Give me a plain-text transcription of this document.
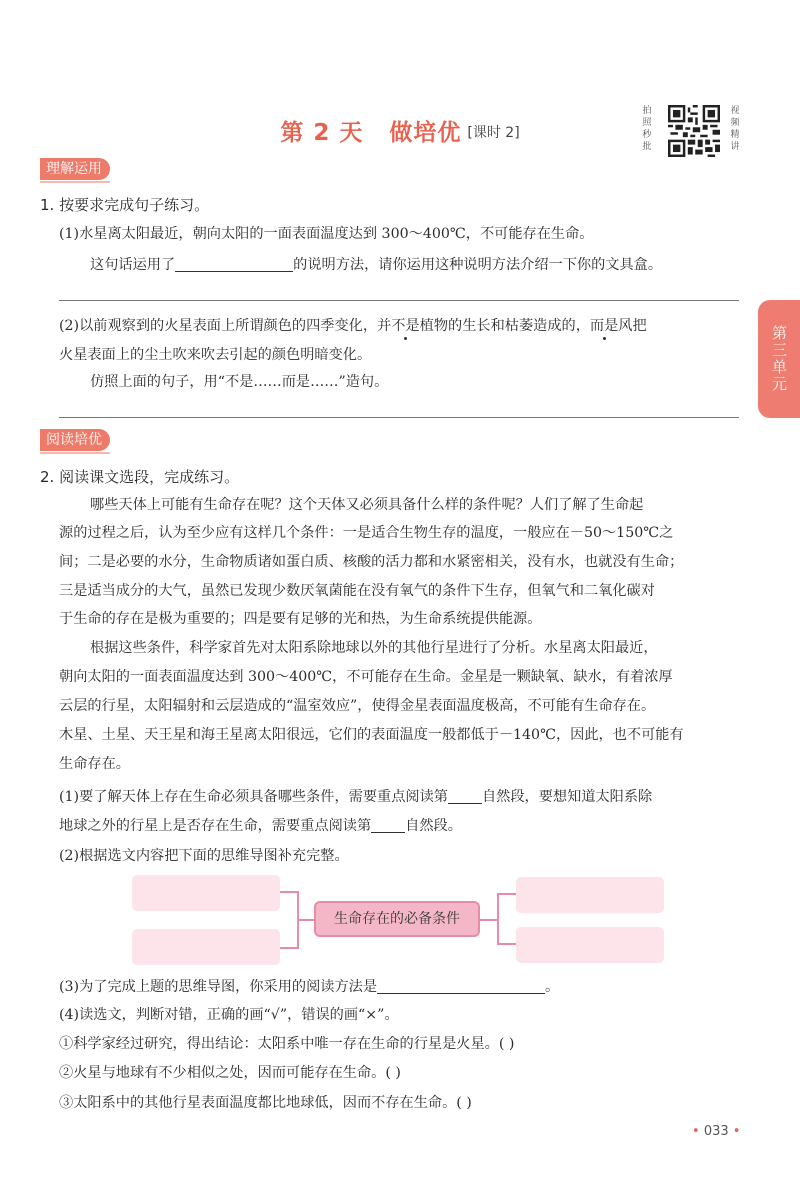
第 2 天 做培优 [课时 2]
拍照秒批
视频精讲
第三单元
理解运用
1. 按要求完成句子练习。
(1)水星离太阳最近，朝向太阳的一面表面温度达到 300～400℃，不可能存在生命。
这句话运用了	的说明方法，请你运用这种说明方法介绍一下你的文具盒。
(2)以前观察到的火星表面上所谓颜色的四季变化，并不是植物的生长和枯萎造成的，而是风把
火星表面上的尘土吹来吹去引起的颜色明暗变化。
仿照上面的句子，用“不是……而是……”造句。
阅读培优
2. 阅读课文选段，完成练习。
哪些天体上可能有生命存在呢？这个天体又必须具备什么样的条件呢？人们了解了生命起
源的过程之后，认为至少应有这样几个条件：一是适合生物生存的温度，一般应在－50～150℃之
间；二是必要的水分，生命物质诸如蛋白质、核酸的活力都和水紧密相关，没有水，也就没有生命；
三是适当成分的大气，虽然已发现少数厌氧菌能在没有氧气的条件下生存，但氧气和二氧化碳对
于生命的存在是极为重要的；四是要有足够的光和热，为生命系统提供能源。
根据这些条件，科学家首先对太阳系除地球以外的其他行星进行了分析。水星离太阳最近，
朝向太阳的一面表面温度达到 300～400℃，不可能存在生命。金星是一颗缺氧、缺水，有着浓厚
云层的行星，太阳辐射和云层造成的“温室效应”，使得金星表面温度极高，不可能有生命存在。
木星、土星、天王星和海王星离太阳很远，它们的表面温度一般都低于－140℃，因此，也不可能有
生命存在。
(1)要了解天体上存在生命必须具备哪些条件，需要重点阅读第 自然段，要想知道太阳系除
地球之外的行星上是否存在生命，需要重点阅读第 自然段。
(2)根据选文内容把下面的思维导图补充完整。
生命存在的必备条件
(3)为了完成上题的思维导图，你采用的阅读方法是	。
(4)读选文，判断对错，正确的画“√”，错误的画“×”。
①科学家经过研究，得出结论：太阳系中唯一存在生命的行星是火星。( )
②火星与地球有不少相似之处，因而可能存在生命。( )
③太阳系中的其他行星表面温度都比地球低，因而不存在生命。( )
• 033 •
